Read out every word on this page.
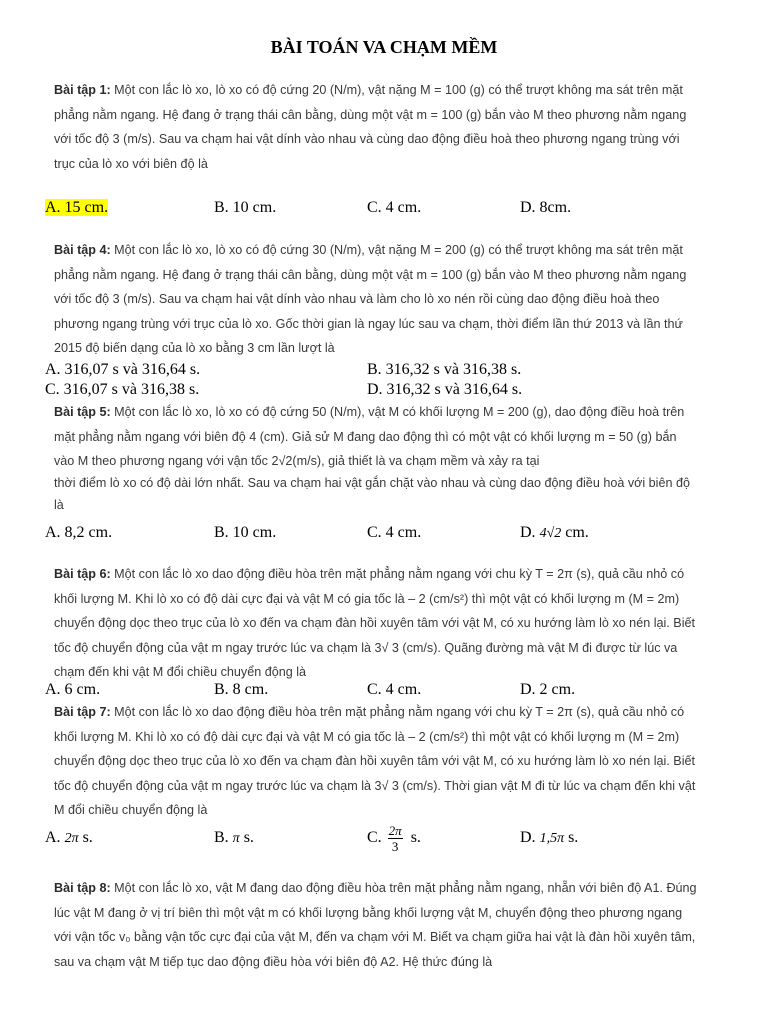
BÀI TOÁN VA CHẠM MỀM
Bài tập 1: Một con lắc lò xo, lò xo có độ cứng 20 (N/m), vật nặng M = 100 (g) có thể trượt không ma sát trên mặt
phẳng nằm ngang. Hệ đang ở trạng thái cân bằng, dùng một vật m = 100 (g) bắn vào M theo phương nằm ngang
với tốc độ 3 (m/s). Sau va chạm hai vật dính vào nhau và cùng dao động điều hoà theo phương ngang trùng với
trục của lò xo với biên độ là
A. 15 cm.	B. 10 cm.	C. 4 cm.	D. 8cm.
Bài tập 4: Một con lắc lò xo, lò xo có độ cứng 30 (N/m), vật nặng M = 200 (g) có thể trượt không ma sát trên mặt
phẳng nằm ngang. Hệ đang ở trạng thái cân bằng, dùng một vật m = 100 (g) bắn vào M theo phương nằm ngang
với tốc độ 3 (m/s). Sau va chạm hai vật dính vào nhau và làm cho lò xo nén rồi cùng dao động điều hoà theo
phương ngang trùng với trục của lò xo. Gốc thời gian là ngay lúc sau va chạm, thời điểm lần thứ 2013 và lần thứ
2015 độ biến dạng của lò xo bằng 3 cm lần lượt là
A. 316,07 s và 316,64 s.	B. 316,32 s và 316,38 s.
C. 316,07 s và 316,38 s.	D. 316,32 s và 316,64 s.
Bài tập 5: Một con lắc lò xo, lò xo có độ cứng 50 (N/m), vật M có khối lượng M = 200 (g), dao động điều hoà trên
mặt phẳng nằm ngang với biên độ 4 (cm). Giả sử M đang dao động thì có một vật có khối lượng m = 50 (g) bắn
vào M theo phương ngang với vận tốc 2√2(m/s), giả thiết là va chạm mềm và xảy ra tại
thời điểm lò xo có độ dài lớn nhất. Sau va chạm hai vật gắn chặt vào nhau và cùng dao động điều hoà với biên độ
là
A. 8,2 cm.	B. 10 cm.	C. 4 cm.	D. 4√2 cm.
Bài tập 6: Một con lắc lò xo dao động điều hòa trên mặt phẳng nằm ngang với chu kỳ T = 2π (s), quả cầu nhỏ có
khối lượng M. Khi lò xo có độ dài cực đại và vật M có gia tốc là – 2 (cm/s²) thì một vật có khối lượng m (M = 2m)
chuyển động dọc theo trục của lò xo đến va chạm đàn hồi xuyên tâm với vật M, có xu hướng làm lò xo nén lại. Biết
tốc độ chuyển động của vật m ngay trước lúc va chạm là 3√ 3 (cm/s). Quãng đường mà vật M đi được từ lúc va
chạm đến khi vật M đổi chiều chuyển động là
A. 6 cm.	B. 8 cm.	C. 4 cm.	D. 2 cm.
Bài tập 7: Một con lắc lò xo dao động điều hòa trên mặt phẳng nằm ngang với chu kỳ T = 2π (s), quả cầu nhỏ có
khối lượng M. Khi lò xo có độ dài cực đại và vật M có gia tốc là – 2 (cm/s²) thì một vật có khối lượng m (M = 2m)
chuyển động dọc theo trục của lò xo đến va chạm đàn hồi xuyên tâm với vật M, có xu hướng làm lò xo nén lại. Biết
tốc độ chuyển động của vật m ngay trước lúc va chạm là 3√ 3 (cm/s). Thời gian vật M đi từ lúc va chạm đến khi vật
M đổi chiều chuyển động là
A. 2π s.	B. π s.	C. $\frac{2\pi}{3} s$.	D. 1,5π s.
Bài tập 8: Một con lắc lò xo, vật M đang dao động điều hòa trên mặt phẳng nằm ngang, nhẵn với biên độ A1. Đúng
lúc vật M đang ở vị trí biên thì một vật m có khối lượng bằng khối lượng vật M, chuyển động theo phương ngang
với vận tốc v₀ bằng vận tốc cực đại của vật M, đến va chạm với M. Biết va chạm giữa hai vật là đàn hồi xuyên tâm,
sau va chạm vật M tiếp tục dao động điều hòa với biên độ A2. Hệ thức đúng là
